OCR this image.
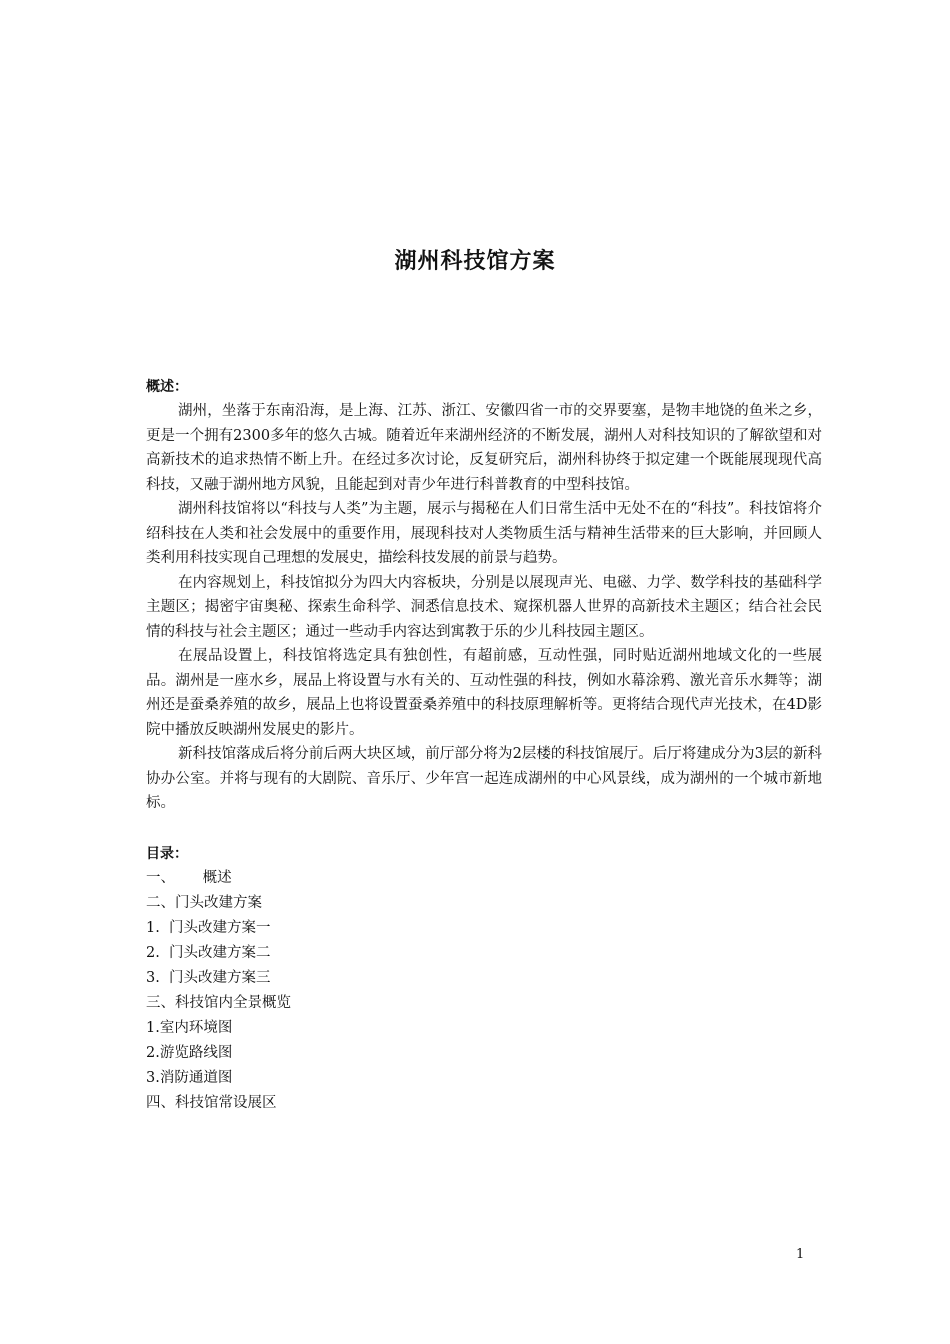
湖州科技馆方案
概述：

湖州，坐落于东南沿海，是上海、江苏、浙江、安徽四省一市的交界要塞，是物丰地饶的鱼米之乡，更是一个拥有2300多年的悠久古城。随着近年来湖州经济的不断发展，湖州人对科技知识的了解欲望和对高新技术的追求热情不断上升。在经过多次讨论，反复研究后，湖州科协终于拟定建一个既能展现现代高科技，又融于湖州地方风貌，且能起到对青少年进行科普教育的中型科技馆。

湖州科技馆将以“科技与人类”为主题，展示与揭秘在人们日常生活中无处不在的“科技”。科技馆将介绍科技在人类和社会发展中的重要作用，展现科技对人类物质生活与精神生活带来的巨大影响，并回顾人类利用科技实现自己理想的发展史，描绘科技发展的前景与趋势。

在内容规划上，科技馆拟分为四大内容板块，分别是以展现声光、电磁、力学、数学科技的基础科学主题区；揭密宇宙奥秘、探索生命科学、洞悉信息技术、窥探机器人世界的高新技术主题区；结合社会民情的科技与社会主题区；通过一些动手内容达到寓教于乐的少儿科技园主题区。

在展品设置上，科技馆将选定具有独创性，有超前感，互动性强，同时贴近湖州地域文化的一些展品。湖州是一座水乡，展品上将设置与水有关的、互动性强的科技，例如水幕涂鸦、激光音乐水舞等；湖州还是蚕桑养殖的故乡，展品上也将设置蚕桑养殖中的科技原理解析等。更将结合现代声光技术，在4D影院中播放反映湖州发展史的影片。

新科技馆落成后将分前后两大块区域，前厅部分将为2层楼的科技馆展厅。后厅将建成分为3层的新科协办公室。并将与现有的大剧院、音乐厅、少年宫一起连成湖州的中心风景线，成为湖州的一个城市新地标。

目录：
一、      概述
二、门头改建方案
1.  门头改建方案一
2.  门头改建方案二
3.  门头改建方案三
三、科技馆内全景概览
1.室内环境图
2.游览路线图
3.消防通道图
四、科技馆常设展区
1
